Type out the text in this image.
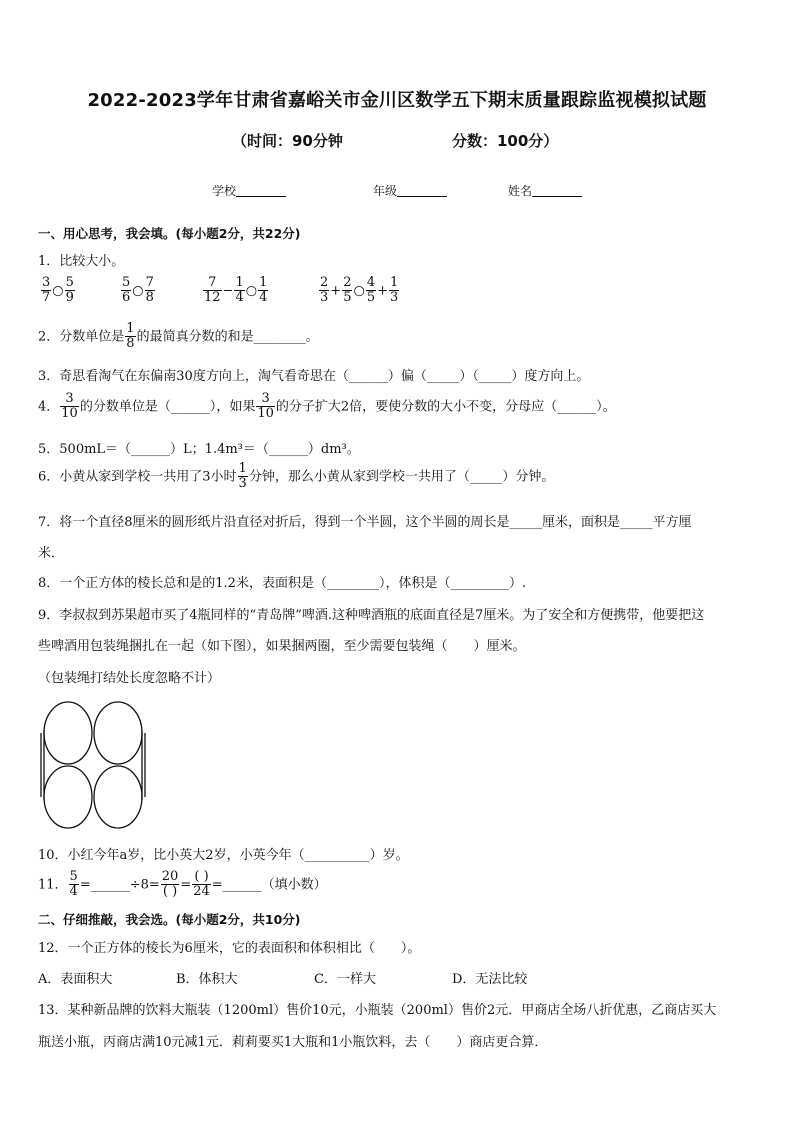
2022-2023学年甘肃省嘉峪关市金川区数学五下期末质量跟踪监视模拟试题
（时间：90分钟	分数：100分）
学校	年级	姓名
一、用心思考，我会填。(每小题2分，共22分)
1．比较大小。
$\frac{3}{7}$ ○ $\frac{5}{9}$	$\frac{5}{6}$ ○ $\frac{7}{8}$	$\frac{7}{12} - \frac{1}{4}$ ○ $\frac{1}{4}$	$\frac{2}{3} + \frac{2}{5}$ ○ $\frac{4}{5} + \frac{1}{3}$
2．分数单位是 $\frac{1}{8}$ 的最简真分数的和是________。
3．奇思看淘气在东偏南30度方向上，淘气看奇思在（______）偏（_____）（_____）度方向上。
4． $\frac{3}{10}$ 的分数单位是（______），如果 $\frac{3}{10}$ 的分子扩大2倍，要使分数的大小不变，分母应（______）。
5．500mL＝（______）L；1.4m³＝（______）dm³。
6．小黄从家到学校一共用了3小时 $\frac{1}{3}$ 分钟，那么小黄从家到学校一共用了（_____）分钟。
7．将一个直径8厘米的圆形纸片沿直径对折后，得到一个半圆，这个半圆的周长是_____厘米，面积是_____平方厘
米．
8．一个正方体的棱长总和是的1.2米，表面积是（________），体积是（_________）.
9．李叔叔到苏果超市买了4瓶同样的“青岛牌”啤酒.这种啤酒瓶的底面直径是7厘米。为了安全和方便携带，他要把这
些啤酒用包装绳捆扎在一起（如下图），如果捆两圈，至少需要包装绳（　　）厘米。
（包装绳打结处长度忽略不计）
10．小红今年a岁，比小英大2岁，小英今年（__________）岁。
11． $\frac{5}{4}$ =______÷8= $\frac{20}{( )} = \frac{( )}{24}$ =______（填小数）
二、仔细推敲，我会选。(每小题2分，共10分)
12．一个正方体的棱长为6厘米，它的表面积和体积相比（　　）。
A．表面积大	B．体积大	C．一样大	D．无法比较
13．某种新品牌的饮料大瓶装（1200ml）售价10元，小瓶装（200ml）售价2元．甲商店全场八折优惠，乙商店买大
瓶送小瓶，丙商店满10元减1元．莉莉要买1大瓶和1小瓶饮料，去（　　）商店更合算．
